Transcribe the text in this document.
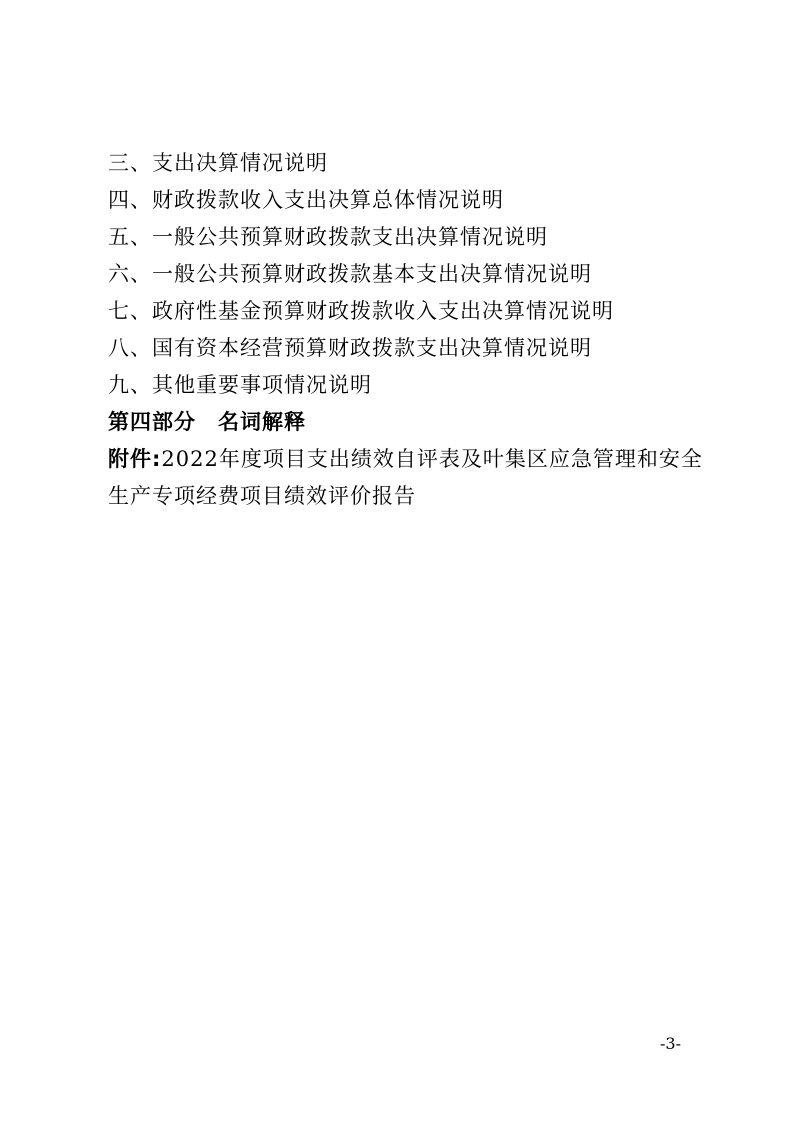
三、支出决算情况说明
四、财政拨款收入支出决算总体情况说明
五、一般公共预算财政拨款支出决算情况说明
六、一般公共预算财政拨款基本支出决算情况说明
七、政府性基金预算财政拨款收入支出决算情况说明
八、国有资本经营预算财政拨款支出决算情况说明
九、其他重要事项情况说明
第四部分　名词解释
附件:2022年度项目支出绩效自评表及叶集区应急管理和安全生产专项经费项目绩效评价报告
-3-
